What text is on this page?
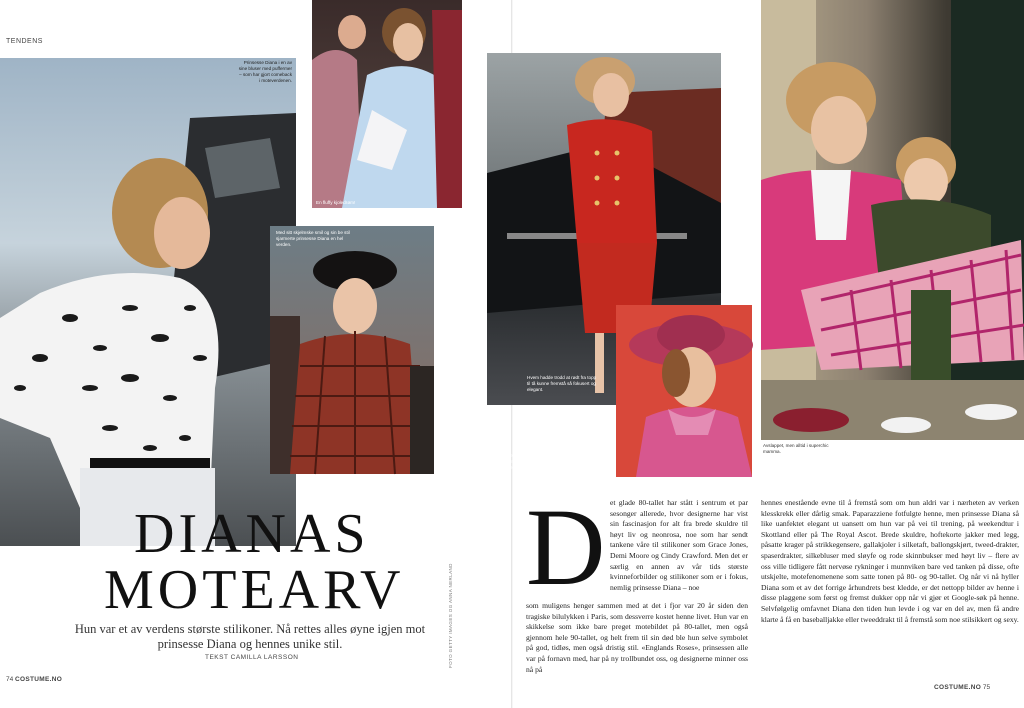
TENDENS
Prinsesse Diana i en av sine bluser med puffermer – som har gjort comeback i moteverdenen.
En fluffy kjoledrøm!
Med sitt skjelmske smil og sin be stil sjarmerte prinsesse Diana en hel verden.
DIANAS
MOTEARV
Hun var et av verdens største stilikoner. Nå rettes alles øyne igjen mot prinsesse Diana og hennes unike stil.
TEKST CAMILLA LARSSON	FOTO GETTY IMAGES OG ANNA NERLAND
74 COSTUME.NO
Hvem hadde trodd at rødt fra topp til tå kunne fremstå så fokusert og elegant.
Sukkertøyfarger og perler var vesentlig i garderoben til prinsesse Diana.
Avslappet, men alltid i superchic mamma.
D et glade 80-tallet har stått i sentrum et par sesonger allerede, hvor designerne har vist sin fascinasjon for alt fra brede skuldre til høyt liv og neonrosa, noe som har sendt tankene våre til stilikoner som Grace Jones, Demi Moore og Cindy Crawford. Men det er særlig en annen av vår tids største kvinneforbilder og stilikoner som er i fokus, nemlig prinsesse Diana – noe
som muligens henger sammen med at det i fjor var 20 år siden den tragiske bilulykken i Paris, som dessverre kostet henne livet. Hun var en skikkelse som ikke bare preget motebildet på 80-tallet, men også gjennom hele 90-tallet, og helt frem til sin død ble hun selve symbolet på god, tidløs, men også dristig stil. «Englands Roses», prinsessen alle var på fornavn med, har på ny trollbundet oss, og designerne minner oss nå på
hennes enestående evne til å fremstå som om hun aldri var i nærheten av verken klesskrekk eller dårlig smak. Paparazziene fotfulgte henne, men prinsesse Diana så like uanfektet elegant ut uansett om hun var på vei til trening, på weekendtur i Skottland eller på The Royal Ascot. Brede skuldre, hoftekorte jakker med legg, påsatte krager på strikkegensere, gallakjoler i silketaft, ballongskjørt, tweed-drakter, spaserdrakter, silkebluser med sløyfe og rode skinnbukser med høyt liv – flere av oss ville tidligere fått nervøse rykninger i munnviken bare ved tanken på disse, ofte utskjelte, motefenomenene som satte tonen på 80- og 90-tallet. Og når vi nå hyller Diana som et av det forrige århundrets best kledde, er det nettopp bilder av henne i disse plaggene som først og fremst dukker opp når vi gjør et Google-søk på henne. Selvfølgelig omfavnet Diana den tiden hun levde i og var en del av, men få andre klarte å få en baseballjakke eller tweeddrakt til å fremstå som noe stilsikkert og sexy.
COSTUME.NO 75
